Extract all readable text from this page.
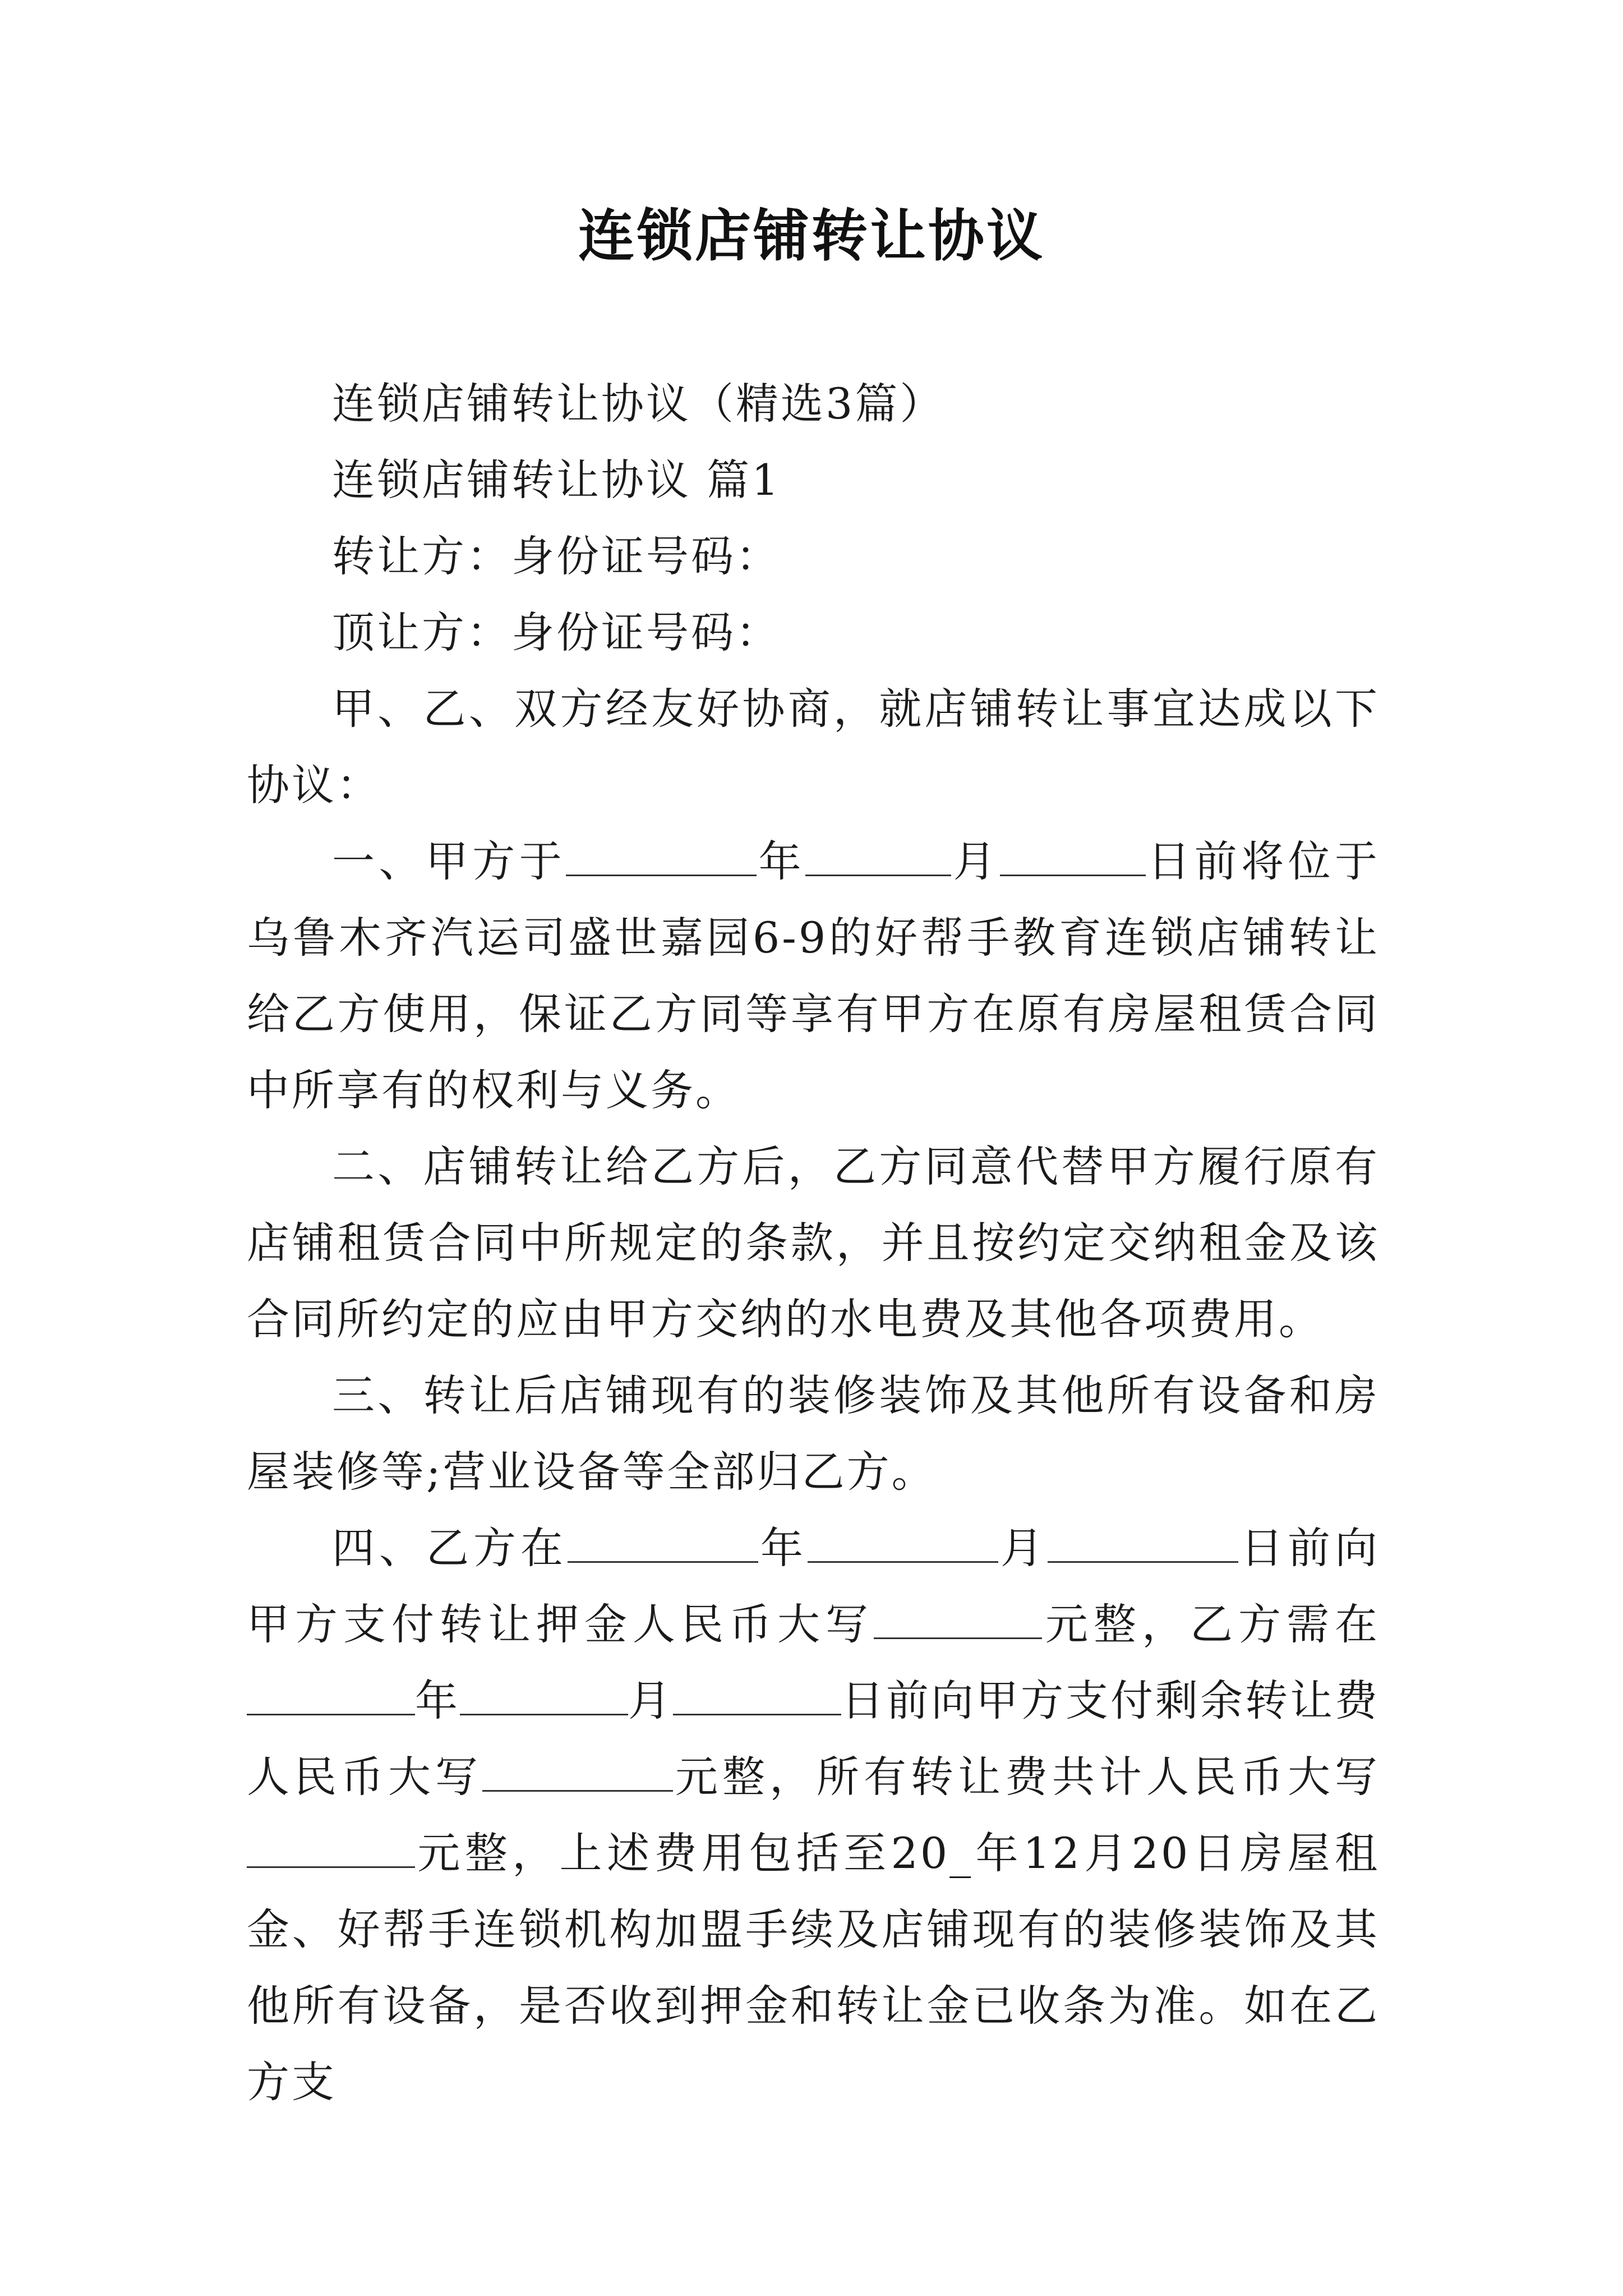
连锁店铺转让协议

连锁店铺转让协议（精选3篇）

连锁店铺转让协议 篇1

转让方：身份证号码：

顶让方：身份证号码：

甲、乙、双方经友好协商，就店铺转让事宜达成以下协议：

一、甲方于	年	月	日前将位于乌鲁木齐汽运司盛世嘉园6-9的好帮手教育连锁店铺转让给乙方使用，保证乙方同等享有甲方在原有房屋租赁合同中所享有的权利与义务。

二、店铺转让给乙方后，乙方同意代替甲方履行原有店铺租赁合同中所规定的条款，并且按约定交纳租金及该合同所约定的应由甲方交纳的水电费及其他各项费用。

三、转让后店铺现有的装修装饰及其他所有设备和房屋装修等;营业设备等全部归乙方。

四、乙方在	年	月	日前向甲方支付转让押金人民币大写	元整，乙方需在年	月	日前向甲方支付剩余转让费人民币大写	元整，所有转让费共计人民币大写元整，上述费用包括至20_年12月20日房屋租金、好帮手连锁机构加盟手续及店铺现有的装修装饰及其他所有设备，是否收到押金和转让金已收条为准。如在乙方支
